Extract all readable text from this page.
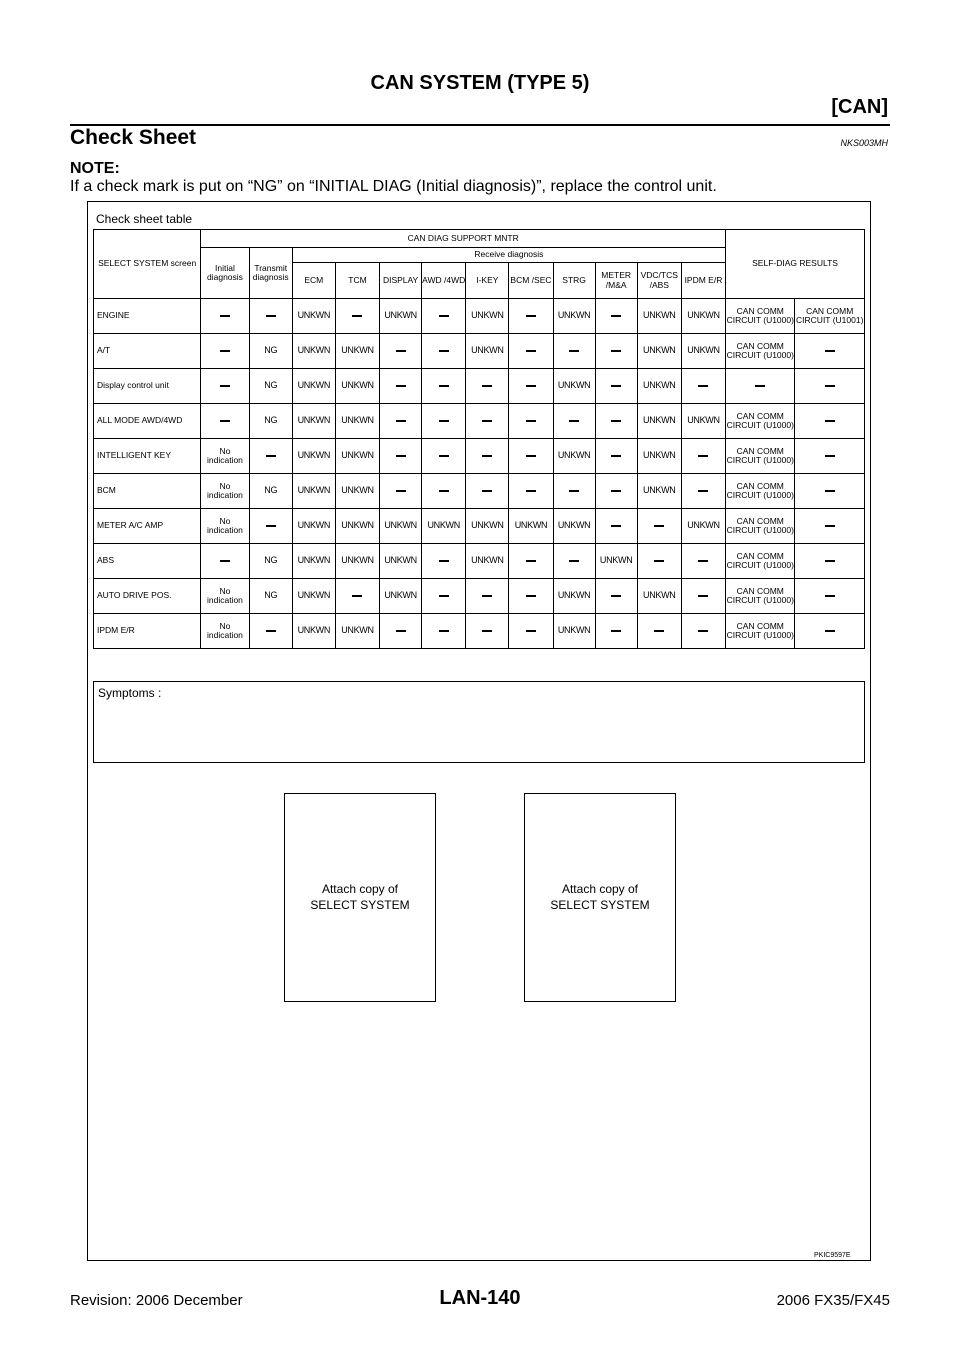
CAN SYSTEM (TYPE 5)
[CAN]
Check Sheet	NKS003MH
NOTE:
If a check mark is put on “NG” on “INITIAL DIAG (Initial diagnosis)”, replace the control unit.
Check sheet table
SELECT SYSTEM screen	CAN DIAG SUPPORT MNTR												SELF-DIAG RESULTS	
	Initial diagnosis	Transmit diagnosis	Receive diagnosis											
			ECM	TCM	DISPLAY	AWD /4WD	I-KEY	BCM /SEC	STRG	METER /M&A	VDC/TCS /ABS	IPDM E/R		
ENGINE			UNKWN		UNKWN		UNKWN		UNKWN		UNKWN	UNKWN	CAN COMM CIRCUIT (U1000)	CAN COMM CIRCUIT (U1001)
A/T		NG	UNKWN	UNKWN			UNKWN				UNKWN	UNKWN	CAN COMM CIRCUIT (U1000)	
Display control unit		NG	UNKWN	UNKWN					UNKWN		UNKWN			
ALL MODE AWD/4WD		NG	UNKWN	UNKWN							UNKWN	UNKWN	CAN COMM CIRCUIT (U1000)	
INTELLIGENT KEY	No indication		UNKWN	UNKWN					UNKWN		UNKWN		CAN COMM CIRCUIT (U1000)	
BCM	No indication	NG	UNKWN	UNKWN							UNKWN		CAN COMM CIRCUIT (U1000)	
METER A/C AMP	No indication		UNKWN	UNKWN	UNKWN	UNKWN	UNKWN	UNKWN	UNKWN			UNKWN	CAN COMM CIRCUIT (U1000)	
ABS		NG	UNKWN	UNKWN	UNKWN		UNKWN			UNKWN			CAN COMM CIRCUIT (U1000)	
AUTO DRIVE POS.	No indication	NG	UNKWN		UNKWN				UNKWN		UNKWN		CAN COMM CIRCUIT (U1000)	
IPDM E/R	No indication		UNKWN	UNKWN					UNKWN				CAN COMM CIRCUIT (U1000)	
PKIC9597E
Symptoms :
Attach copy of
SELECT SYSTEM
Attach copy of
SELECT SYSTEM
Revision: 2006 December	LAN-140	2006 FX35/FX45
